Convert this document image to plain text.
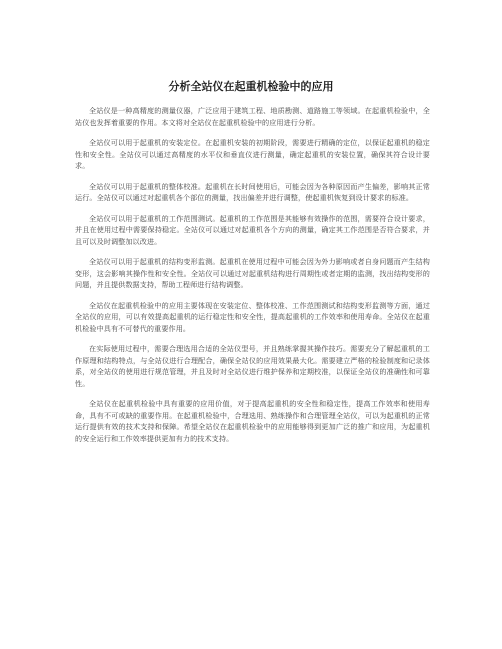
分析全站仪在起重机检验中的应用

全站仪是一种高精度的测量仪器，广泛应用于建筑工程、地质勘测、道路施工等领域。在起重机检验中，全站仪也发挥着重要的作用。本文将对全站仪在起重机检验中的应用进行分析。

全站仪可以用于起重机的安装定位。在起重机安装的初期阶段，需要进行精确的定位，以保证起重机的稳定性和安全性。全站仪可以通过高精度的水平仪和垂直仪进行测量，确定起重机的安装位置，确保其符合设计要求。

全站仪可以用于起重机的整体校准。起重机在长时间使用后，可能会因为各种原因而产生偏差，影响其正常运行。全站仪可以通过对起重机各个部位的测量，找出偏差并进行调整，使起重机恢复到设计要求的标准。

全站仪可以用于起重机的工作范围测试。起重机的工作范围是其能够有效操作的范围，需要符合设计要求，并且在使用过程中需要保持稳定。全站仪可以通过对起重机各个方向的测量，确定其工作范围是否符合要求，并且可以及时调整加以改进。

全站仪可以用于起重机的结构变形监测。起重机在使用过程中可能会因为外力影响或者自身问题而产生结构变形，这会影响其操作性和安全性。全站仪可以通过对起重机结构进行周期性或者定期的监测，找出结构变形的问题，并且提供数据支持，帮助工程师进行结构调整。

全站仪在起重机检验中的应用主要体现在安装定位、整体校准、工作范围测试和结构变形监测等方面，通过全站仪的应用，可以有效提高起重机的运行稳定性和安全性，提高起重机的工作效率和使用寿命。全站仪在起重机检验中具有不可替代的重要作用。

在实际使用过程中，需要合理选用合适的全站仪型号，并且熟练掌握其操作技巧。需要充分了解起重机的工作原理和结构特点，与全站仪进行合理配合，确保全站仪的应用效果最大化。需要建立严格的检验制度和记录体系，对全站仪的使用进行规范管理，并且及时对全站仪进行维护保养和定期校准，以保证全站仪的准确性和可靠性。

全站仪在起重机检验中具有重要的应用价值，对于提高起重机的安全性和稳定性，提高工作效率和使用寿命，具有不可或缺的重要作用。在起重机检验中，合理选用、熟练操作和合理管理全站仪，可以为起重机的正常运行提供有效的技术支持和保障。希望全站仪在起重机检验中的应用能够得到更加广泛的推广和应用，为起重机的安全运行和工作效率提供更加有力的技术支持。
